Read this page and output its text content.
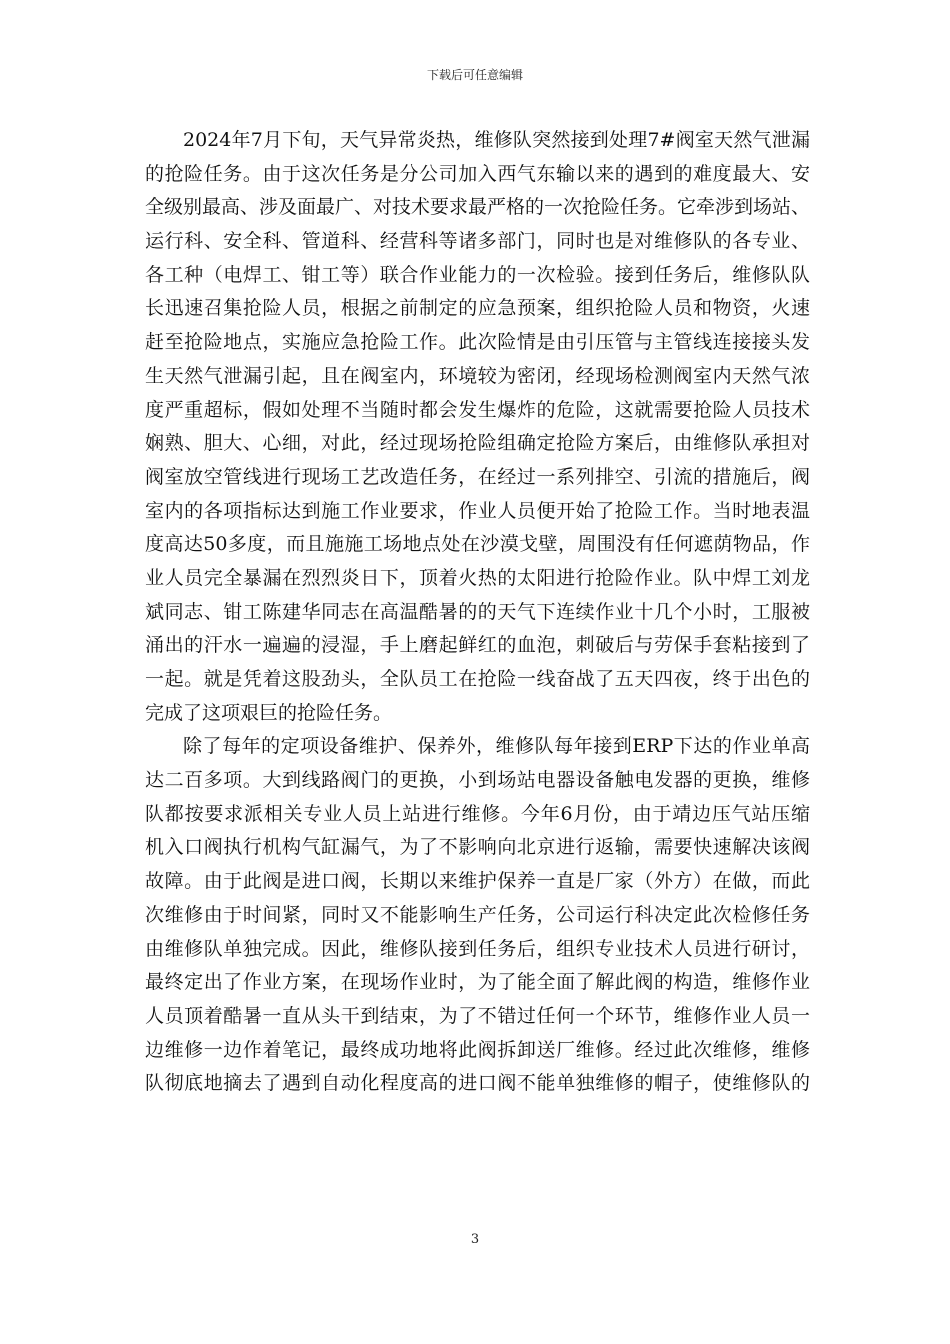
下载后可任意编辑
2024年7月下旬，天气异常炎热，维修队突然接到处理7#阀室天然气泄漏
的抢险任务。由于这次任务是分公司加入西气东输以来的遇到的难度最大、安
全级别最高、涉及面最广、对技术要求最严格的一次抢险任务。它牵涉到场站、
运行科、安全科、管道科、经营科等诸多部门，同时也是对维修队的各专业、
各工种（电焊工、钳工等）联合作业能力的一次检验。接到任务后，维修队队
长迅速召集抢险人员，根据之前制定的应急预案，组织抢险人员和物资，火速
赶至抢险地点，实施应急抢险工作。此次险情是由引压管与主管线连接接头发
生天然气泄漏引起，且在阀室内，环境较为密闭，经现场检测阀室内天然气浓
度严重超标，假如处理不当随时都会发生爆炸的危险，这就需要抢险人员技术
娴熟、胆大、心细，对此，经过现场抢险组确定抢险方案后，由维修队承担对
阀室放空管线进行现场工艺改造任务，在经过一系列排空、引流的措施后，阀
室内的各项指标达到施工作业要求，作业人员便开始了抢险工作。当时地表温
度高达50多度，而且施施工场地点处在沙漠戈壁，周围没有任何遮荫物品，作
业人员完全暴漏在烈烈炎日下，顶着火热的太阳进行抢险作业。队中焊工刘龙
斌同志、钳工陈建华同志在高温酷暑的的天气下连续作业十几个小时，工服被
涌出的汗水一遍遍的浸湿，手上磨起鲜红的血泡，刺破后与劳保手套粘接到了
一起。就是凭着这股劲头，全队员工在抢险一线奋战了五天四夜，终于出色的
完成了这项艰巨的抢险任务。
除了每年的定项设备维护、保养外，维修队每年接到ERP下达的作业单高
达二百多项。大到线路阀门的更换，小到场站电器设备触电发器的更换，维修
队都按要求派相关专业人员上站进行维修。今年6月份，由于靖边压气站压缩
机入口阀执行机构气缸漏气，为了不影响向北京进行返输，需要快速解决该阀
故障。由于此阀是进口阀，长期以来维护保养一直是厂家（外方）在做，而此
次维修由于时间紧，同时又不能影响生产任务，公司运行科决定此次检修任务
由维修队单独完成。因此，维修队接到任务后，组织专业技术人员进行研讨，
最终定出了作业方案，在现场作业时，为了能全面了解此阀的构造，维修作业
人员顶着酷暑一直从头干到结束，为了不错过任何一个环节，维修作业人员一
边维修一边作着笔记，最终成功地将此阀拆卸送厂维修。经过此次维修，维修
队彻底地摘去了遇到自动化程度高的进口阀不能单独维修的帽子，使维修队的
3
